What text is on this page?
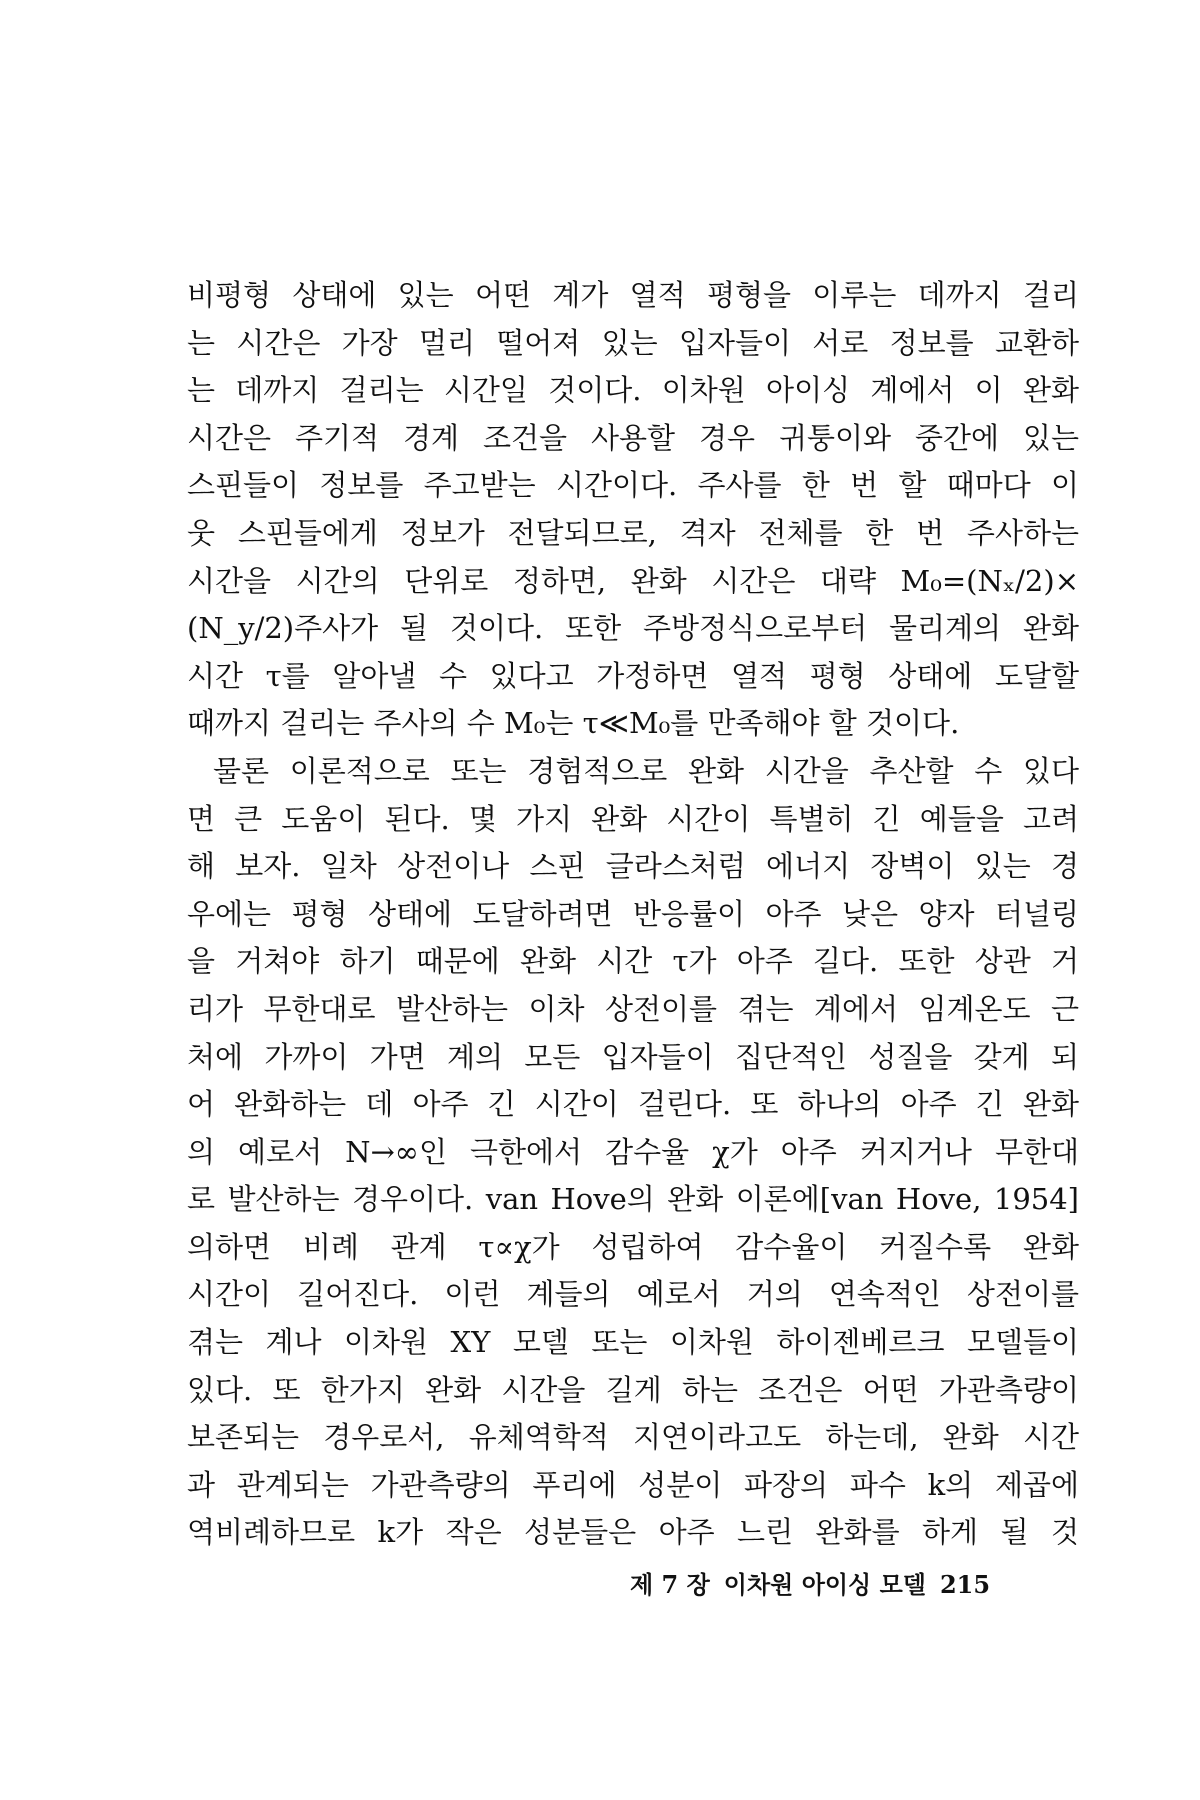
비평형 상태에 있는 어떤 계가 열적 평형을 이루는 데까지 걸리
는 시간은 가장 멀리 떨어져 있는 입자들이 서로 정보를 교환하
는 데까지 걸리는 시간일 것이다. 이차원 아이싱 계에서 이 완화
시간은 주기적 경계 조건을 사용할 경우 귀퉁이와 중간에 있는
스핀들이 정보를 주고받는 시간이다. 주사를 한 번 할 때마다 이
웃 스핀들에게 정보가 전달되므로, 격자 전체를 한 번 주사하는
시간을 시간의 단위로 정하면, 완화 시간은 대략 M₀=(Nₓ/2)×
(N_y/2)주사가 될 것이다. 또한 주방정식으로부터 물리계의 완화
시간 τ를 알아낼 수 있다고 가정하면 열적 평형 상태에 도달할
때까지 걸리는 주사의 수 M₀는 τ≪M₀를 만족해야 할 것이다.
물론 이론적으로 또는 경험적으로 완화 시간을 추산할 수 있다
면 큰 도움이 된다. 몇 가지 완화 시간이 특별히 긴 예들을 고려
해 보자. 일차 상전이나 스핀 글라스처럼 에너지 장벽이 있는 경
우에는 평형 상태에 도달하려면 반응률이 아주 낮은 양자 터널링
을 거쳐야 하기 때문에 완화 시간 τ가 아주 길다. 또한 상관 거
리가 무한대로 발산하는 이차 상전이를 겪는 계에서 임계온도 근
처에 가까이 가면 계의 모든 입자들이 집단적인 성질을 갖게 되
어 완화하는 데 아주 긴 시간이 걸린다. 또 하나의 아주 긴 완화
의 예로서 N→∞인 극한에서 감수율 χ가 아주 커지거나 무한대
로 발산하는 경우이다. van Hove의 완화 이론에[van Hove, 1954]
의하면 비례 관계 τ∝χ가 성립하여 감수율이 커질수록 완화
시간이 길어진다. 이런 계들의 예로서 거의 연속적인 상전이를
겪는 계나 이차원 XY 모델 또는 이차원 하이젠베르크 모델들이
있다. 또 한가지 완화 시간을 길게 하는 조건은 어떤 가관측량이
보존되는 경우로서, 유체역학적 지연이라고도 하는데, 완화 시간
과 관계되는 가관측량의 푸리에 성분이 파장의 파수 k의 제곱에
역비례하므로 k가 작은 성분들은 아주 느린 완화를 하게 될 것
제 7 장 이차원 아이싱 모델 215
